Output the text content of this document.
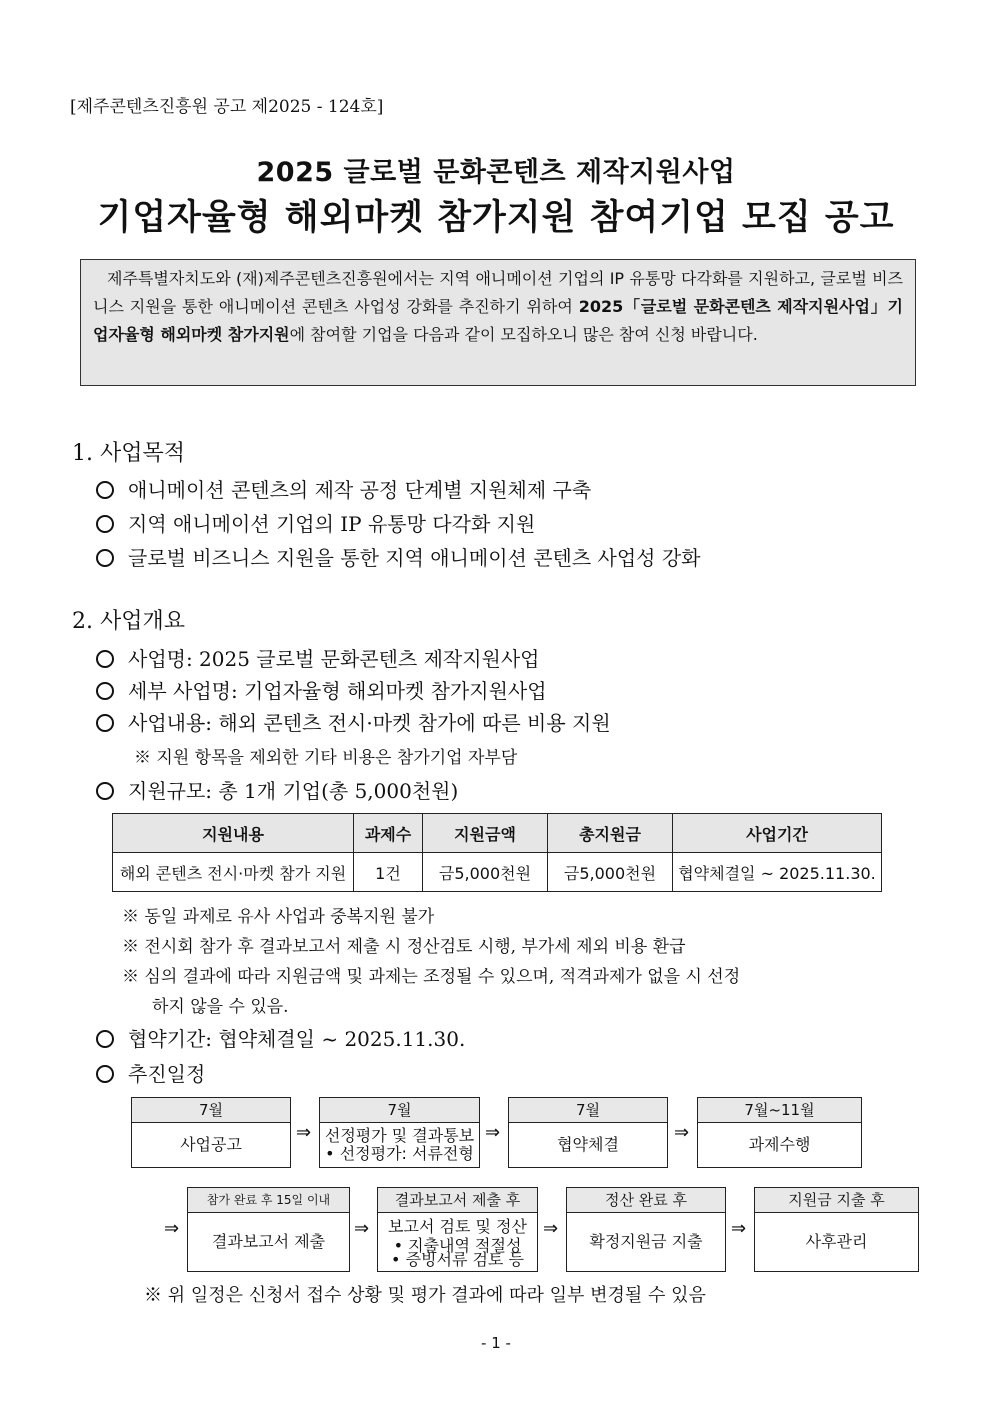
[제주콘텐츠진흥원 공고 제2025 - 124호]
2025 글로벌 문화콘텐츠 제작지원사업
기업자율형 해외마켓 참가지원 참여기업 모집 공고

제주특별자치도와 (재)제주콘텐츠진흥원에서는 지역 애니메이션 기업의 IP 유통망 다각화를 지원하고, 글로벌 비즈니스 지원을 통한 애니메이션 콘텐츠 사업성 강화를 추진하기 위하여 2025「글로벌 문화콘텐츠 제작지원사업」기업자율형 해외마켓 참가지원에 참여할 기업을 다음과 같이 모집하오니 많은 참여 신청 바랍니다.

1. 사업목적
애니메이션 콘텐츠의 제작 공정 단계별 지원체제 구축
지역 애니메이션 기업의 IP 유통망 다각화 지원
글로벌 비즈니스 지원을 통한 지역 애니메이션 콘텐츠 사업성 강화
2. 사업개요
사업명: 2025 글로벌 문화콘텐츠 제작지원사업
세부 사업명: 기업자율형 해외마켓 참가지원사업
사업내용: 해외 콘텐츠 전시·마켓 참가에 따른 비용 지원
※ 지원 항목을 제외한 기타 비용은 참가기업 자부담
지원규모: 총 1개 기업(총 5,000천원)
지원내용	과제수	지원금액	총지원금	사업기간
해외 콘텐츠 전시·마켓 참가 지원	1건	금5,000천원	금5,000천원	협약체결일 ~ 2025.11.30.
※ 동일 과제로 유사 사업과 중복지원 불가
※ 전시회 참가 후 결과보고서 제출 시 정산검토 시행, 부가세 제외 비용 환급
※ 심의 결과에 따라 지원금액 및 과제는 조정될 수 있으며, 적격과제가 없을 시 선정
하지 않을 수 있음.
협약기간: 협약체결일 ~ 2025.11.30.
추진일정
7월
사업공고
⇒
7월
선정평가 및 결과통보
• 선정평가: 서류전형
⇒
7월
협약체결
⇒
7월~11월
과제수행
⇒
참가 완료 후 15일 이내
결과보고서 제출
⇒
결과보고서 제출 후
보고서 검토 및 정산
• 지출내역 적절성
• 증빙서류 검토 등
⇒
정산 완료 후
확정지원금 지출
⇒
지원금 지출 후
사후관리
※ 위 일정은 신청서 접수 상황 및 평가 결과에 따라 일부 변경될 수 있음
- 1 -
